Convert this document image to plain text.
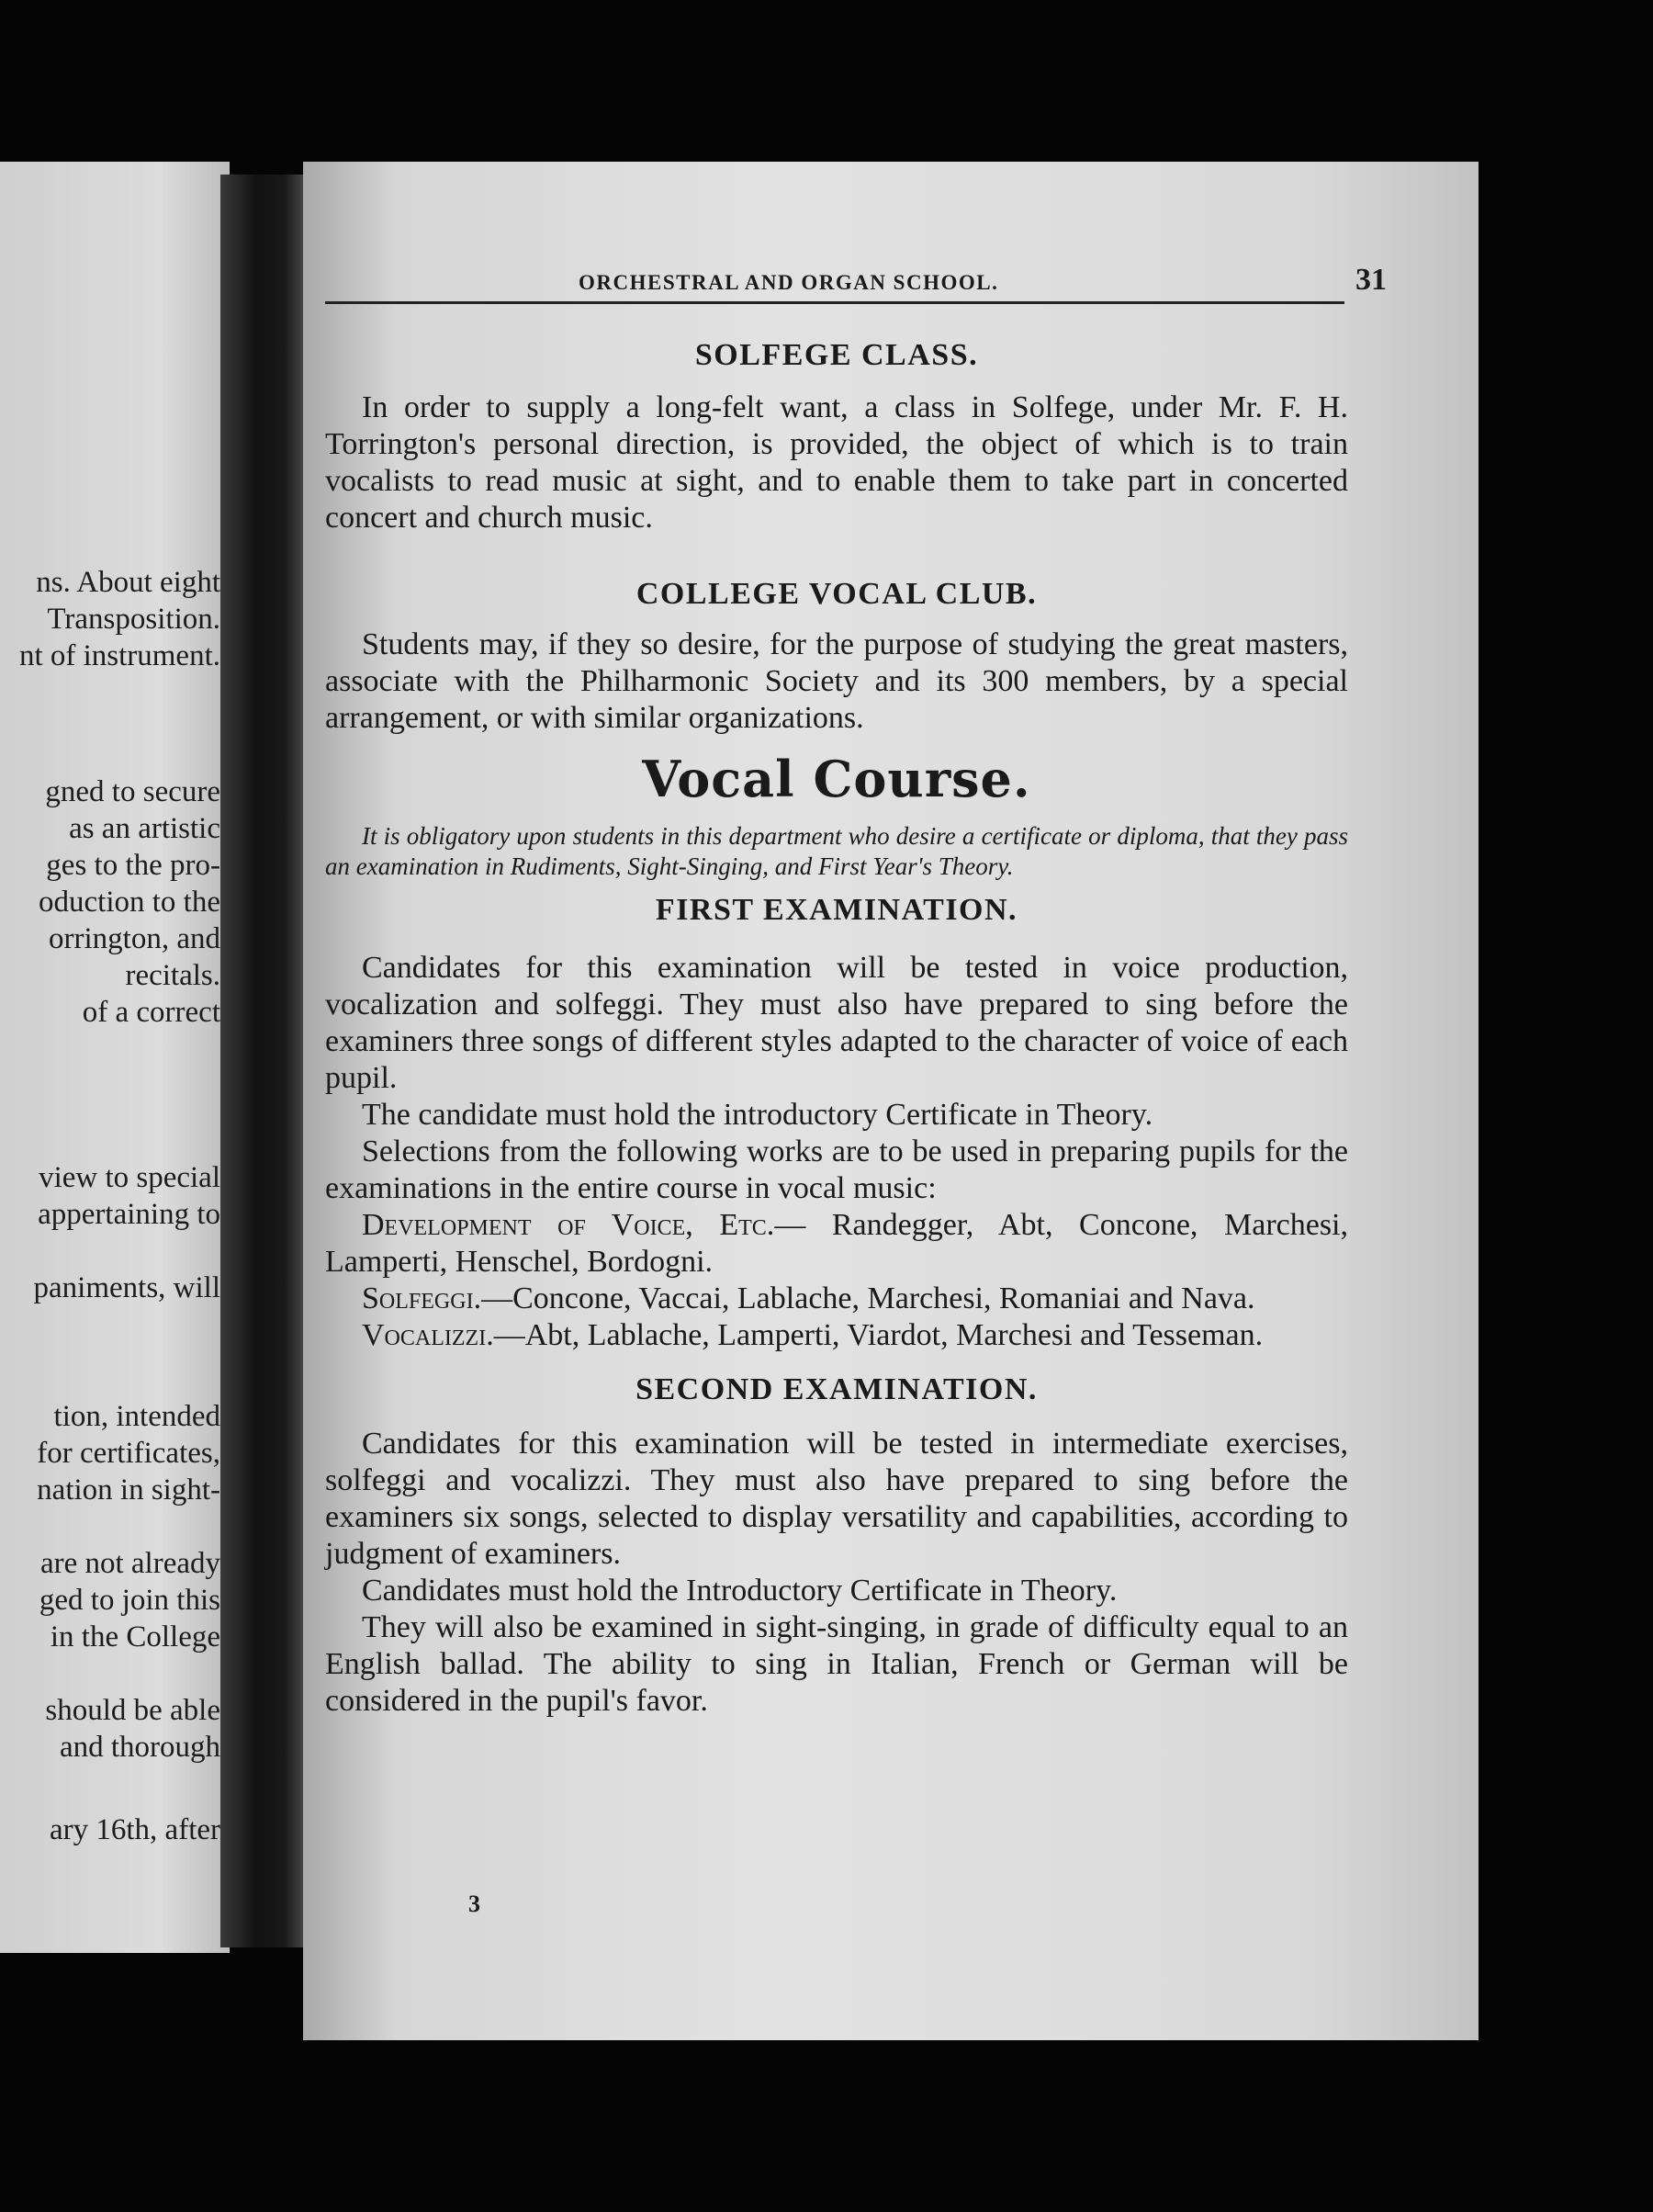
ns. About eight
Transposition.
nt of instrument.
gned to secure
as an artistic
ges to the pro-
oduction to the
orrington, and
recitals.
of a correct
view to special
appertaining to
paniments, will
tion, intended
for certificates,
nation in sight-
are not already
ged to join this
in the College
should be able
and thorough
ary 16th, after
ORCHESTRAL AND ORGAN SCHOOL.	31
SOLFEGE CLASS.

In order to supply a long-felt want, a class in Solfege, under Mr. F. H. Torrington's personal direction, is provided, the object of which is to train vocalists to read music at sight, and to enable them to take part in concerted concert and church music.

COLLEGE VOCAL CLUB.

Students may, if they so desire, for the purpose of studying the great masters, associate with the Philharmonic Society and its 300 members, by a special arrangement, or with similar organizations.

Vocal Course.

It is obligatory upon students in this department who desire a certificate or diploma, that they pass an examination in Rudiments, Sight-Singing, and First Year's Theory.

FIRST EXAMINATION.

Candidates for this examination will be tested in voice production, vocalization and solfeggi. They must also have prepared to sing before the examiners three songs of different styles adapted to the character of voice of each pupil.

The candidate must hold the introductory Certificate in Theory.

Selections from the following works are to be used in preparing pupils for the examinations in the entire course in vocal music:

Development of Voice, Etc.— Randegger, Abt, Concone, Marchesi, Lamperti, Henschel, Bordogni.

Solfeggi.—Concone, Vaccai, Lablache, Marchesi, Romaniai and Nava.

Vocalizzi.—Abt, Lablache, Lamperti, Viardot, Marchesi and Tesseman.

SECOND EXAMINATION.

Candidates for this examination will be tested in intermediate exercises, solfeggi and vocalizzi. They must also have prepared to sing before the examiners six songs, selected to display versatility and capabilities, according to judgment of examiners.

Candidates must hold the Introductory Certificate in Theory.

They will also be examined in sight-singing, in grade of difficulty equal to an English ballad. The ability to sing in Italian, French or German will be considered in the pupil's favor.

3
